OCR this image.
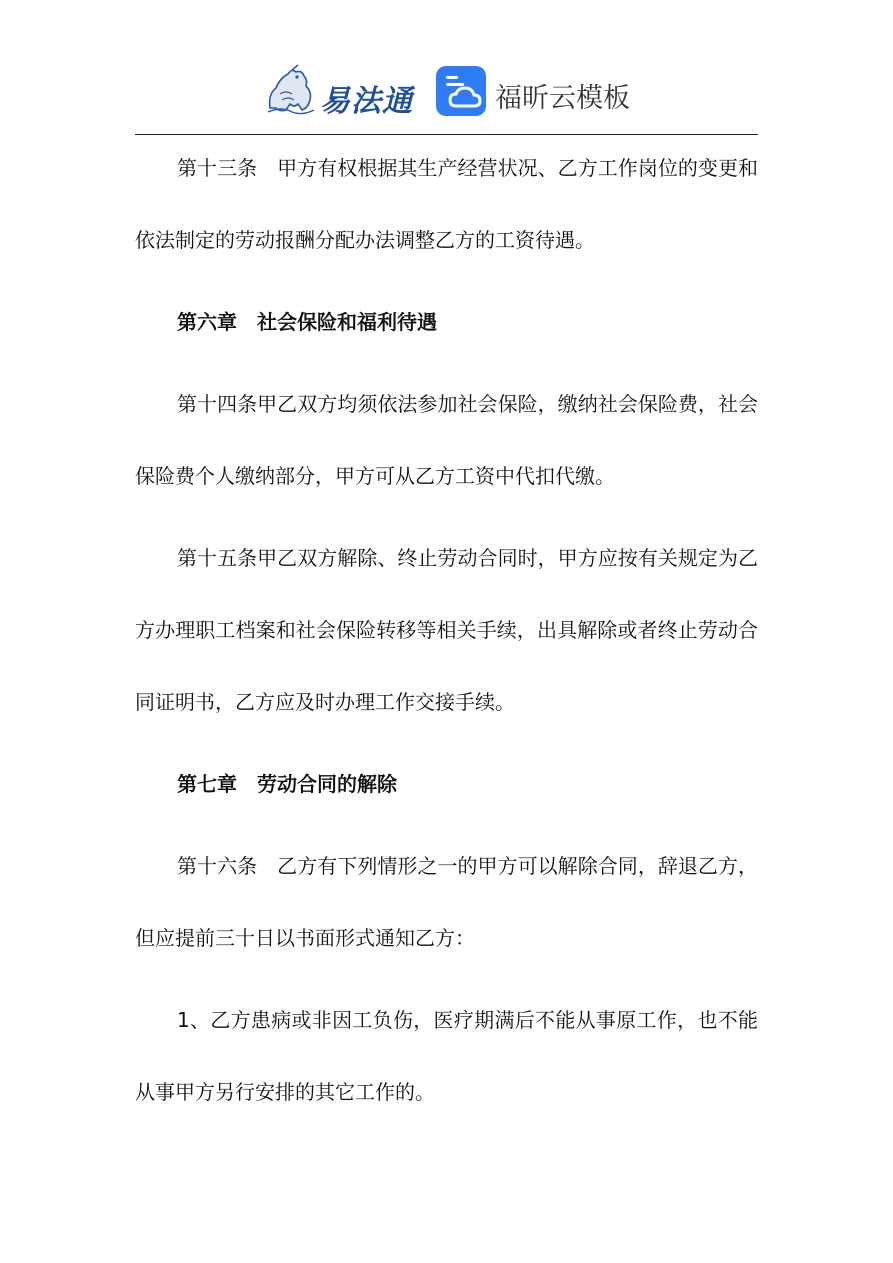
易法通	福昕云模板

第十三条　甲方有权根据其生产经营状况、乙方工作岗位的变更和依法制定的劳动报酬分配办法调整乙方的工资待遇。

第六章　社会保险和福利待遇

第十四条甲乙双方均须依法参加社会保险，缴纳社会保险费，社会保险费个人缴纳部分，甲方可从乙方工资中代扣代缴。

第十五条甲乙双方解除、终止劳动合同时，甲方应按有关规定为乙方办理职工档案和社会保险转移等相关手续，出具解除或者终止劳动合同证明书，乙方应及时办理工作交接手续。

第七章　劳动合同的解除

第十六条　乙方有下列情形之一的甲方可以解除合同，辞退乙方，但应提前三十日以书面形式通知乙方：

1、乙方患病或非因工负伤，医疗期满后不能从事原工作，也不能从事甲方另行安排的其它工作的。
